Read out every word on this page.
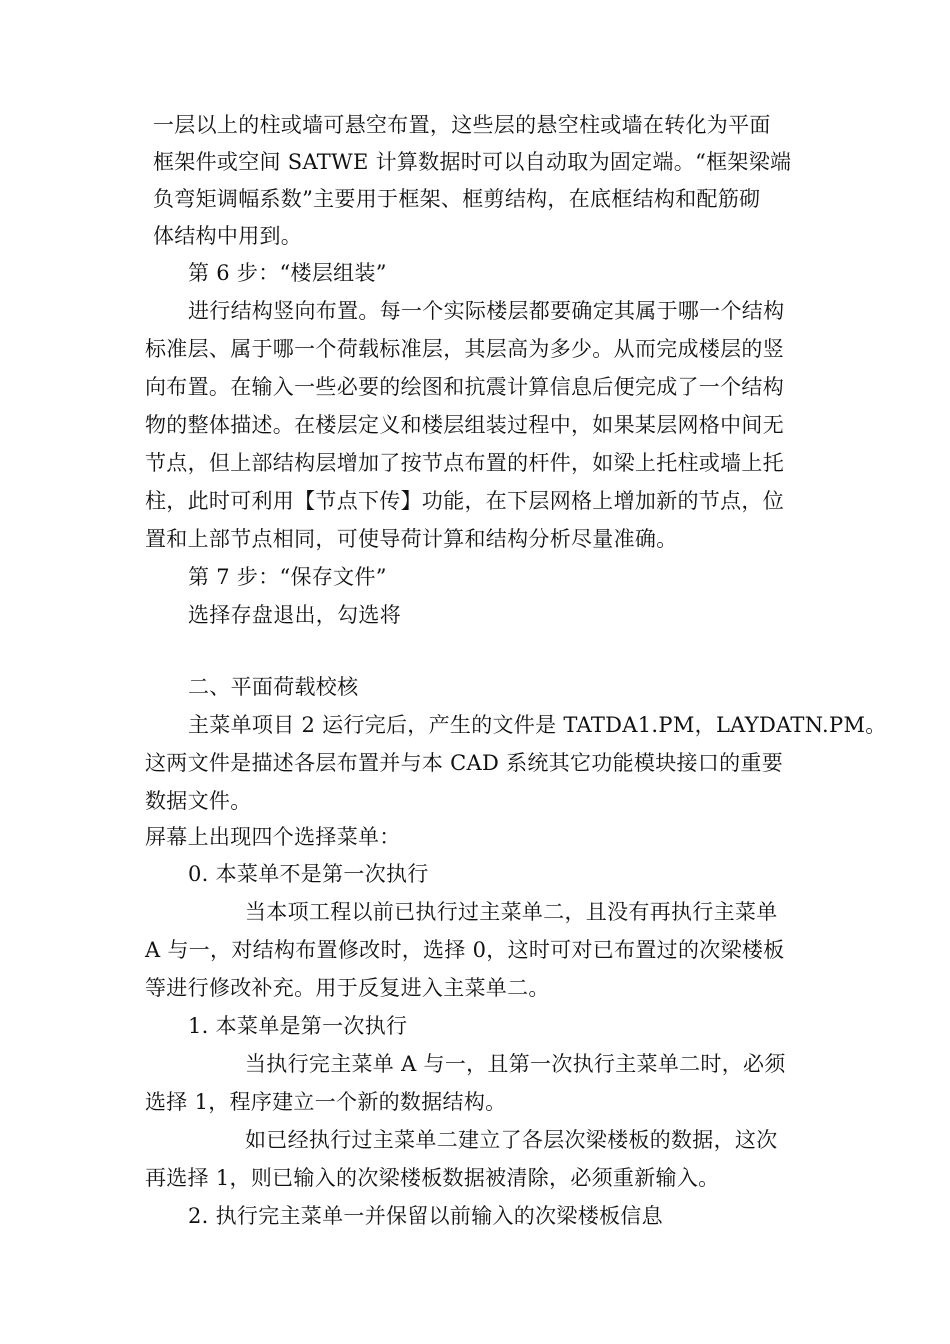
一层以上的柱或墙可悬空布置，这些层的悬空柱或墙在转化为平面
框架件或空间 SATWE 计算数据时可以自动取为固定端。“框架梁端
负弯矩调幅系数”主要用于框架、框剪结构，在底框结构和配筋砌
体结构中用到。
第 6 步：“楼层组装”
进行结构竖向布置。每一个实际楼层都要确定其属于哪一个结构
标准层、属于哪一个荷载标准层，其层高为多少。从而完成楼层的竖
向布置。在输入一些必要的绘图和抗震计算信息后便完成了一个结构
物的整体描述。在楼层定义和楼层组装过程中，如果某层网格中间无
节点，但上部结构层增加了按节点布置的杆件，如梁上托柱或墙上托
柱，此时可利用【节点下传】功能，在下层网格上增加新的节点，位
置和上部节点相同，可使导荷计算和结构分析尽量准确。
第 7 步：“保存文件”
选择存盘退出，勾选将
二、平面荷载校核
主菜单项目 2 运行完后，产生的文件是 TATDA1.PM，LAYDATN.PM。
这两文件是描述各层布置并与本 CAD 系统其它功能模块接口的重要
数据文件。
屏幕上出现四个选择菜单：
0. 本菜单不是第一次执行
当本项工程以前已执行过主菜单二，且没有再执行主菜单
A 与一，对结构布置修改时，选择 0，这时可对已布置过的次梁楼板
等进行修改补充。用于反复进入主菜单二。
1. 本菜单是第一次执行
当执行完主菜单 A 与一，且第一次执行主菜单二时，必须
选择 1，程序建立一个新的数据结构。
如已经执行过主菜单二建立了各层次梁楼板的数据，这次
再选择 1，则已输入的次梁楼板数据被清除，必须重新输入。
2. 执行完主菜单一并保留以前输入的次梁楼板信息
